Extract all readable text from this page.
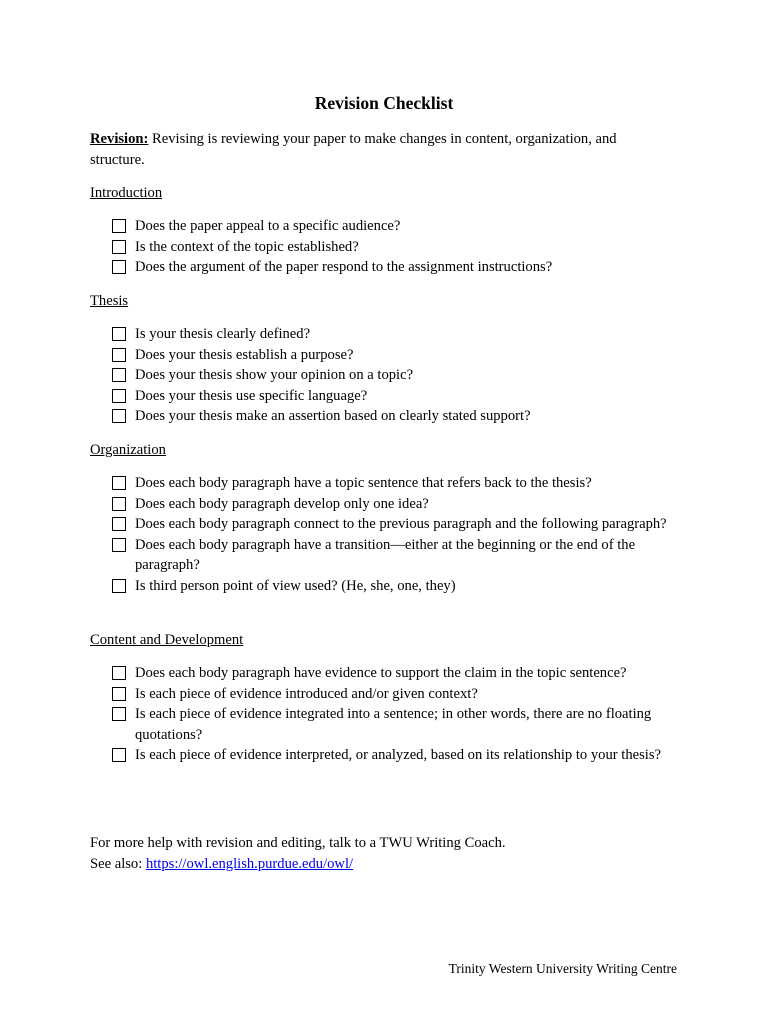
Revision Checklist
Revision: Revising is reviewing your paper to make changes in content, organization, and structure.
Introduction
Does the paper appeal to a specific audience?
Is the context of the topic established?
Does the argument of the paper respond to the assignment instructions?
Thesis
Is your thesis clearly defined?
Does your thesis establish a purpose?
Does your thesis show your opinion on a topic?
Does your thesis use specific language?
Does your thesis make an assertion based on clearly stated support?
Organization
Does each body paragraph have a topic sentence that refers back to the thesis?
Does each body paragraph develop only one idea?
Does each body paragraph connect to the previous paragraph and the following paragraph?
Does each body paragraph have a transition—either at the beginning or the end of the paragraph?
Is third person point of view used? (He, she, one, they)
Content and Development
Does each body paragraph have evidence to support the claim in the topic sentence?
Is each piece of evidence introduced and/or given context?
Is each piece of evidence integrated into a sentence; in other words, there are no floating quotations?
Is each piece of evidence interpreted, or analyzed, based on its relationship to your thesis?
For more help with revision and editing, talk to a TWU Writing Coach.
See also: https://owl.english.purdue.edu/owl/
Trinity Western University Writing Centre
